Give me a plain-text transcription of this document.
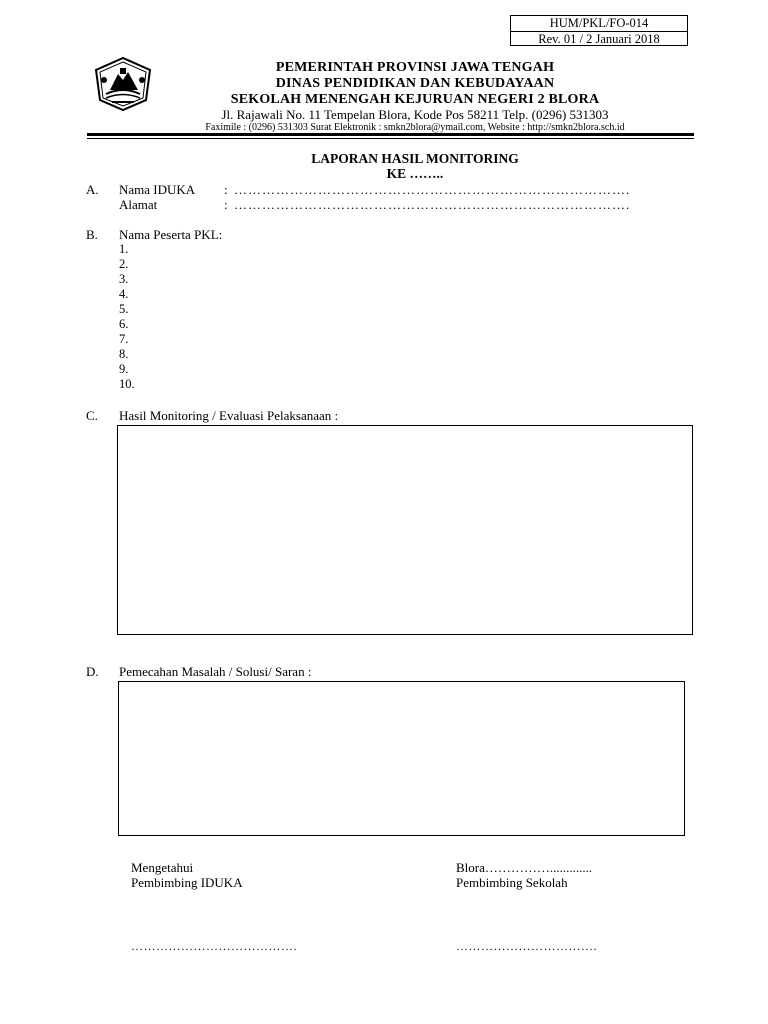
HUM/PKL/FO-014
Rev. 01 / 2 Januari 2018
PEMERINTAH PROVINSI JAWA TENGAH
DINAS PENDIDIKAN DAN KEBUDAYAAN
SEKOLAH MENENGAH KEJURUAN NEGERI 2 BLORA
Jl. Rajawali No. 11 Tempelan Blora, Kode Pos 58211 Telp. (0296) 531303
Faximile : (0296) 531303 Surat Elektronik : smkn2blora@ymail.com, Website : http://smkn2blora.sch.id
LAPORAN HASIL MONITORING
KE ……..
A. Nama IDUKA : ………………………………………………………………………….
Alamat	: ………………………………………………………………………….
B. Nama Peserta PKL:
1.
2.
3.
4.
5.
6.
7.
8.
9.
10.
C. Hasil Monitoring / Evaluasi Pelaksanaan :
D. Pemecahan Masalah / Solusi/ Saran :
Mengetahui
Pembimbing IDUKA
………………………………….
Blora…………….............
Pembimbing Sekolah
…………………………….
